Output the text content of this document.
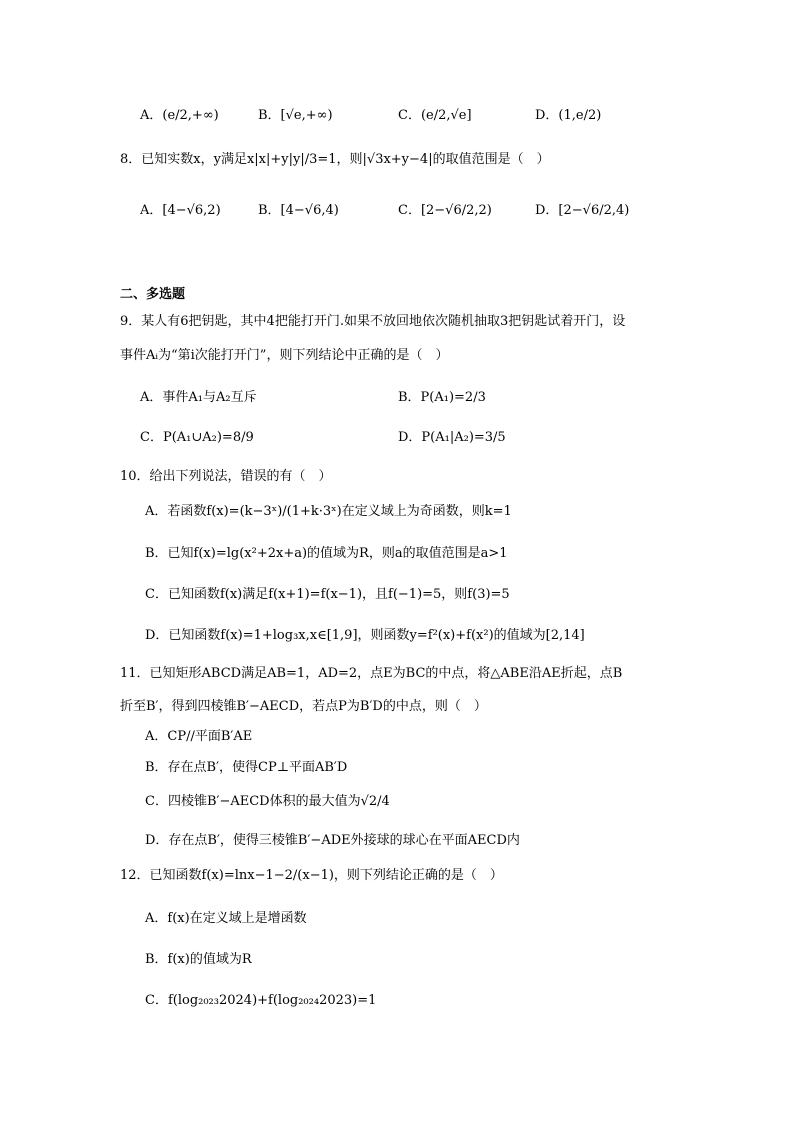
A．(e/2,+∞)	B．[√e,+∞)	C．(e/2,√e]	D．(1,e/2)
8．已知实数x，y满足x|x|+y|y|/3=1，则|√3x+y−4|的取值范围是（　）
A．[4−√6,2)	B．[4−√6,4)	C．[2−√6/2,2)	D．[2−√6/2,4)
二、多选题
9．某人有6把钥匙，其中4把能打开门.如果不放回地依次随机抽取3把钥匙试着开门，设
事件Aᵢ为“第i次能打开门”，则下列结论中正确的是（　）
A．事件A₁与A₂互斥	B．P(A₁)=2/3
C．P(A₁∪A₂)=8/9	D．P(A₁|A₂)=3/5
10．给出下列说法，错误的有（　）
A．若函数f(x)=(k−3ˣ)/(1+k·3ˣ)在定义域上为奇函数，则k=1
B．已知f(x)=lg(x²+2x+a)的值域为R，则a的取值范围是a>1
C．已知函数f(x)满足f(x+1)=f(x−1)，且f(−1)=5，则f(3)=5
D．已知函数f(x)=1+log₃x,x∈[1,9]，则函数y=f²(x)+f(x²)的值域为[2,14]
11．已知矩形ABCD满足AB=1，AD=2，点E为BC的中点，将△ABE沿AE折起，点B
折至B′，得到四棱锥B′−AECD，若点P为B′D的中点，则（　）
A．CP//平面B′AE
B．存在点B′，使得CP⊥平面AB′D
C．四棱锥B′−AECD体积的最大值为√2/4
D．存在点B′，使得三棱锥B′−ADE外接球的球心在平面AECD内
12．已知函数f(x)=lnx−1−2/(x−1)，则下列结论正确的是（　）
A．f(x)在定义域上是增函数
B．f(x)的值域为R
C．f(log₂₀₂₃2024)+f(log₂₀₂₄2023)=1
